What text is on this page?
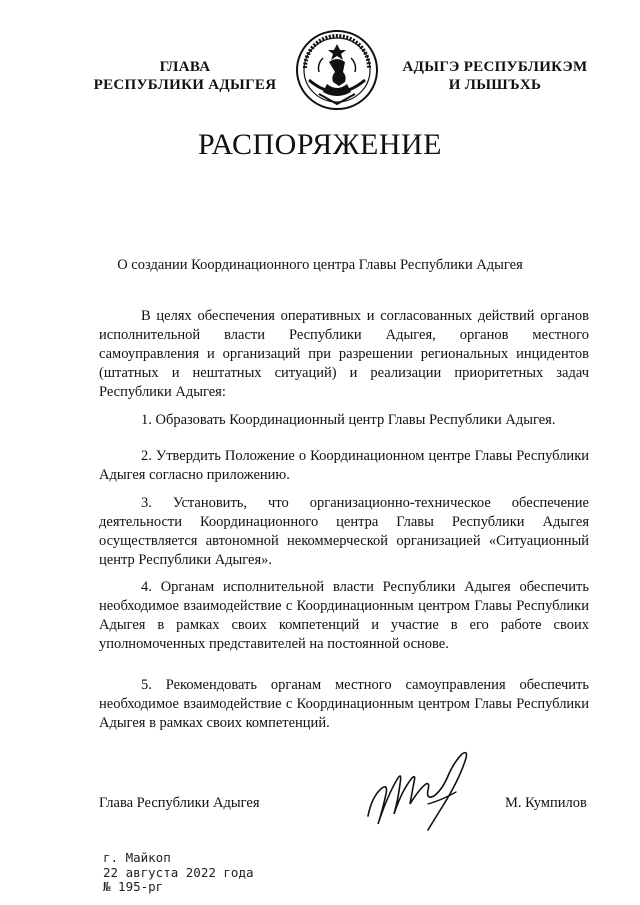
ГЛАВА
РЕСПУБЛИКИ АДЫГЕЯ
АДЫГЭ РЕСПУБЛИКЭМ
И ЛЫШЪХЬ
РАСПОРЯЖЕНИЕ
О создании Координационного центра Главы Республики Адыгея

В целях обеспечения оперативных и согласованных действий органов исполнительной власти Республики Адыгея, органов местного самоуправления и организаций при разрешении региональных инцидентов (штатных и нештатных ситуаций) и реализации приоритетных задач Республики Адыгея:

1. Образовать Координационный центр Главы Республики Адыгея.

2. Утвердить Положение о Координационном центре Главы Республики Адыгея согласно приложению.

3. Установить, что организационно-техническое обеспечение деятельности Координационного центра Главы Республики Адыгея осуществляется автономной некоммерческой организацией «Ситуационный центр Республики Адыгея».

4. Органам исполнительной власти Республики Адыгея обеспечить необходимое взаимодействие с Координационным центром Главы Республики Адыгея в рамках своих компетенций и участие в его работе своих уполномоченных представителей на постоянной основе.

5. Рекомендовать органам местного самоуправления обеспечить необходимое взаимодействие с Координационным центром Главы Республики Адыгея в рамках своих компетенций.

Глава Республики Адыгея	М. Кумпилов
г. Майкоп
22 августа 2022 года
№ 195-рг
